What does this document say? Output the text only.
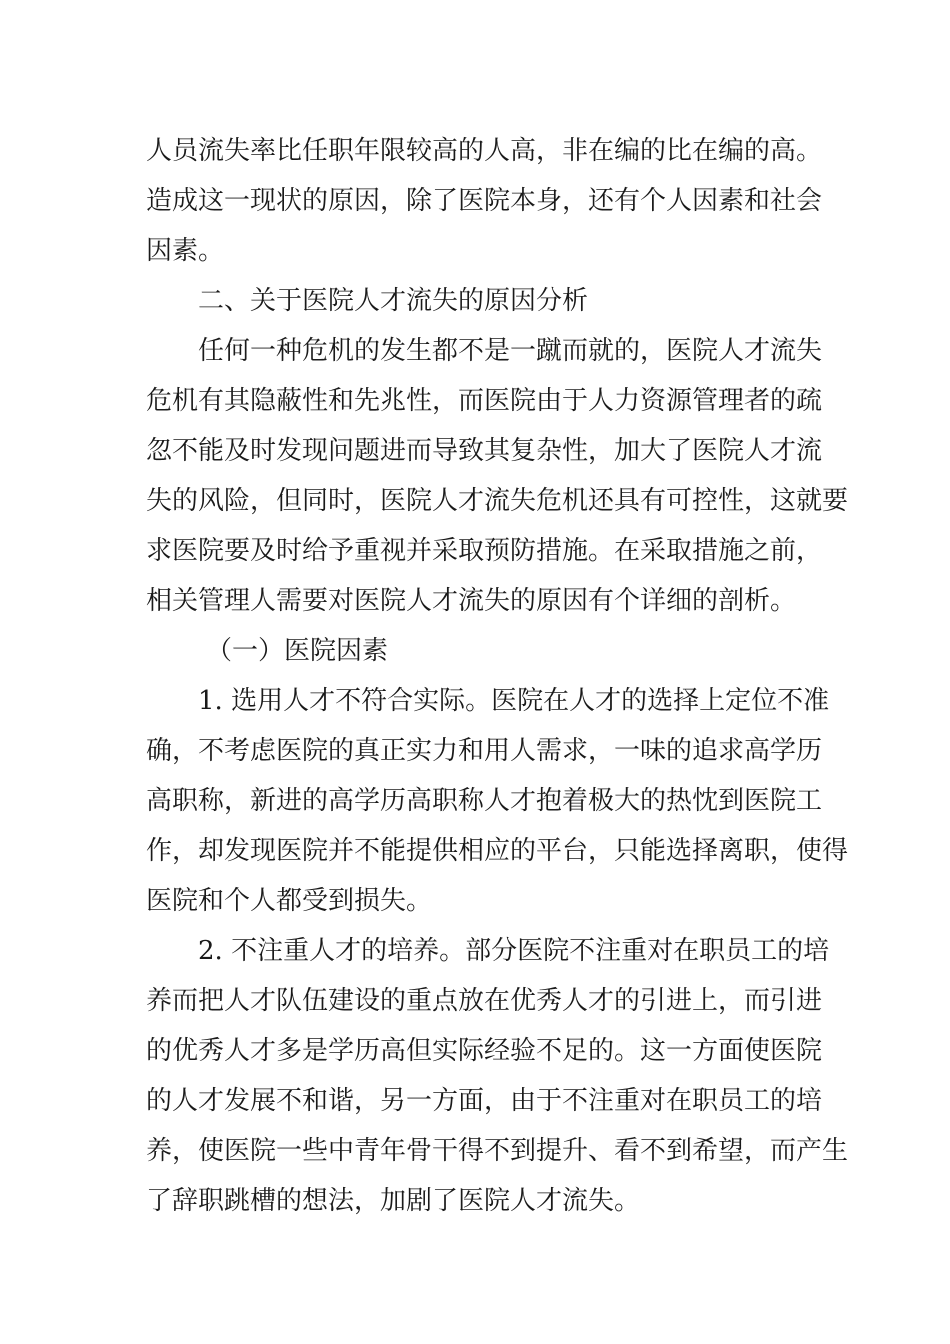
人员流失率比任职年限较高的人高，非在编的比在编的高。
造成这一现状的原因，除了医院本身，还有个人因素和社会
因素。
二、关于医院人才流失的原因分析
任何一种危机的发生都不是一蹴而就的，医院人才流失
危机有其隐蔽性和先兆性，而医院由于人力资源管理者的疏
忽不能及时发现问题进而导致其复杂性，加大了医院人才流
失的风险，但同时，医院人才流失危机还具有可控性，这就要
求医院要及时给予重视并采取预防措施。在采取措施之前，
相关管理人需要对医院人才流失的原因有个详细的剖析。
（一）医院因素
1. 选用人才不符合实际。医院在人才的选择上定位不准
确，不考虑医院的真正实力和用人需求，一味的追求高学历
高职称，新进的高学历高职称人才抱着极大的热忱到医院工
作，却发现医院并不能提供相应的平台，只能选择离职，使得
医院和个人都受到损失。
2. 不注重人才的培养。部分医院不注重对在职员工的培
养而把人才队伍建设的重点放在优秀人才的引进上，而引进
的优秀人才多是学历高但实际经验不足的。这一方面使医院
的人才发展不和谐，另一方面，由于不注重对在职员工的培
养，使医院一些中青年骨干得不到提升、看不到希望，而产生
了辞职跳槽的想法，加剧了医院人才流失。
